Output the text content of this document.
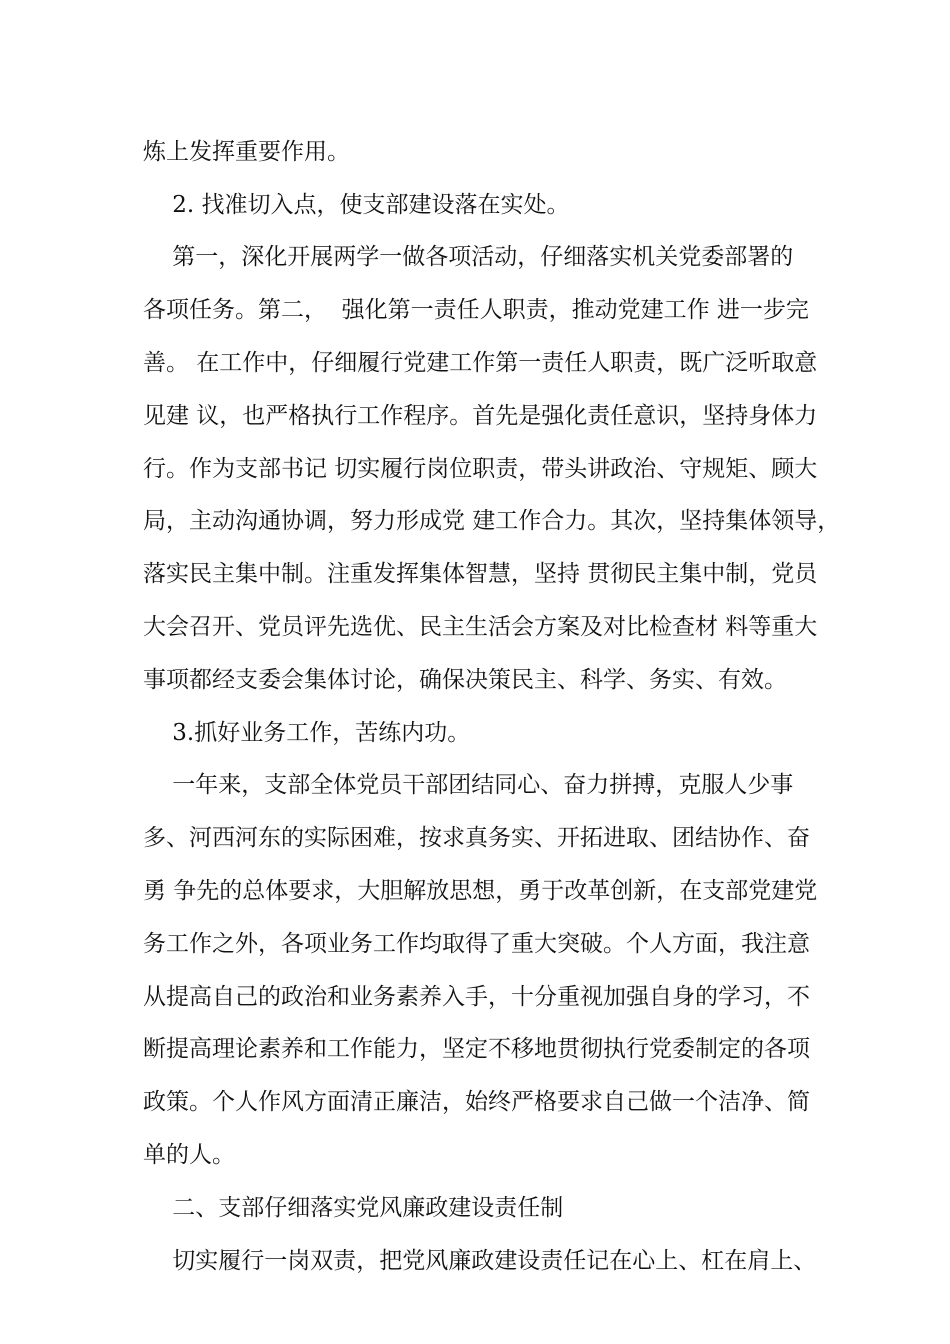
炼上发挥重要作用。
2. 找准切入点，使支部建设落在实处。
第一，深化开展两学一做各项活动，仔细落实机关党委部署的
各项任务。第二，  强化第一责任人职责，推动党建工作 进一步完
善。 在工作中，仔细履行党建工作第一责任人职责，既广泛听取意
见建 议，也严格执行工作程序。首先是强化责任意识，坚持身体力
行。作为支部书记 切实履行岗位职责，带头讲政治、守规矩、顾大
局，主动沟通协调，努力形成党 建工作合力。其次，坚持集体领导，
落实民主集中制。注重发挥集体智慧，坚持 贯彻民主集中制，党员
大会召开、党员评先选优、民主生活会方案及对比检查材 料等重大
事项都经支委会集体讨论，确保决策民主、科学、务实、有效。
3.抓好业务工作，苦练内功。
一年来，支部全体党员干部团结同心、奋力拼搏，克服人少事
多、河西河东的实际困难，按求真务实、开拓进取、团结协作、奋
勇 争先的总体要求，大胆解放思想，勇于改革创新，在支部党建党
务工作之外，各项业务工作均取得了重大突破。个人方面，我注意
从提高自己的政治和业务素养入手，十分重视加强自身的学习，不
断提高理论素养和工作能力，坚定不移地贯彻执行党委制定的各项
政策。个人作风方面清正廉洁，始终严格要求自己做一个洁净、简
单的人。
二、支部仔细落实党风廉政建设责任制
切实履行一岗双责，把党风廉政建设责任记在心上、杠在肩上、
